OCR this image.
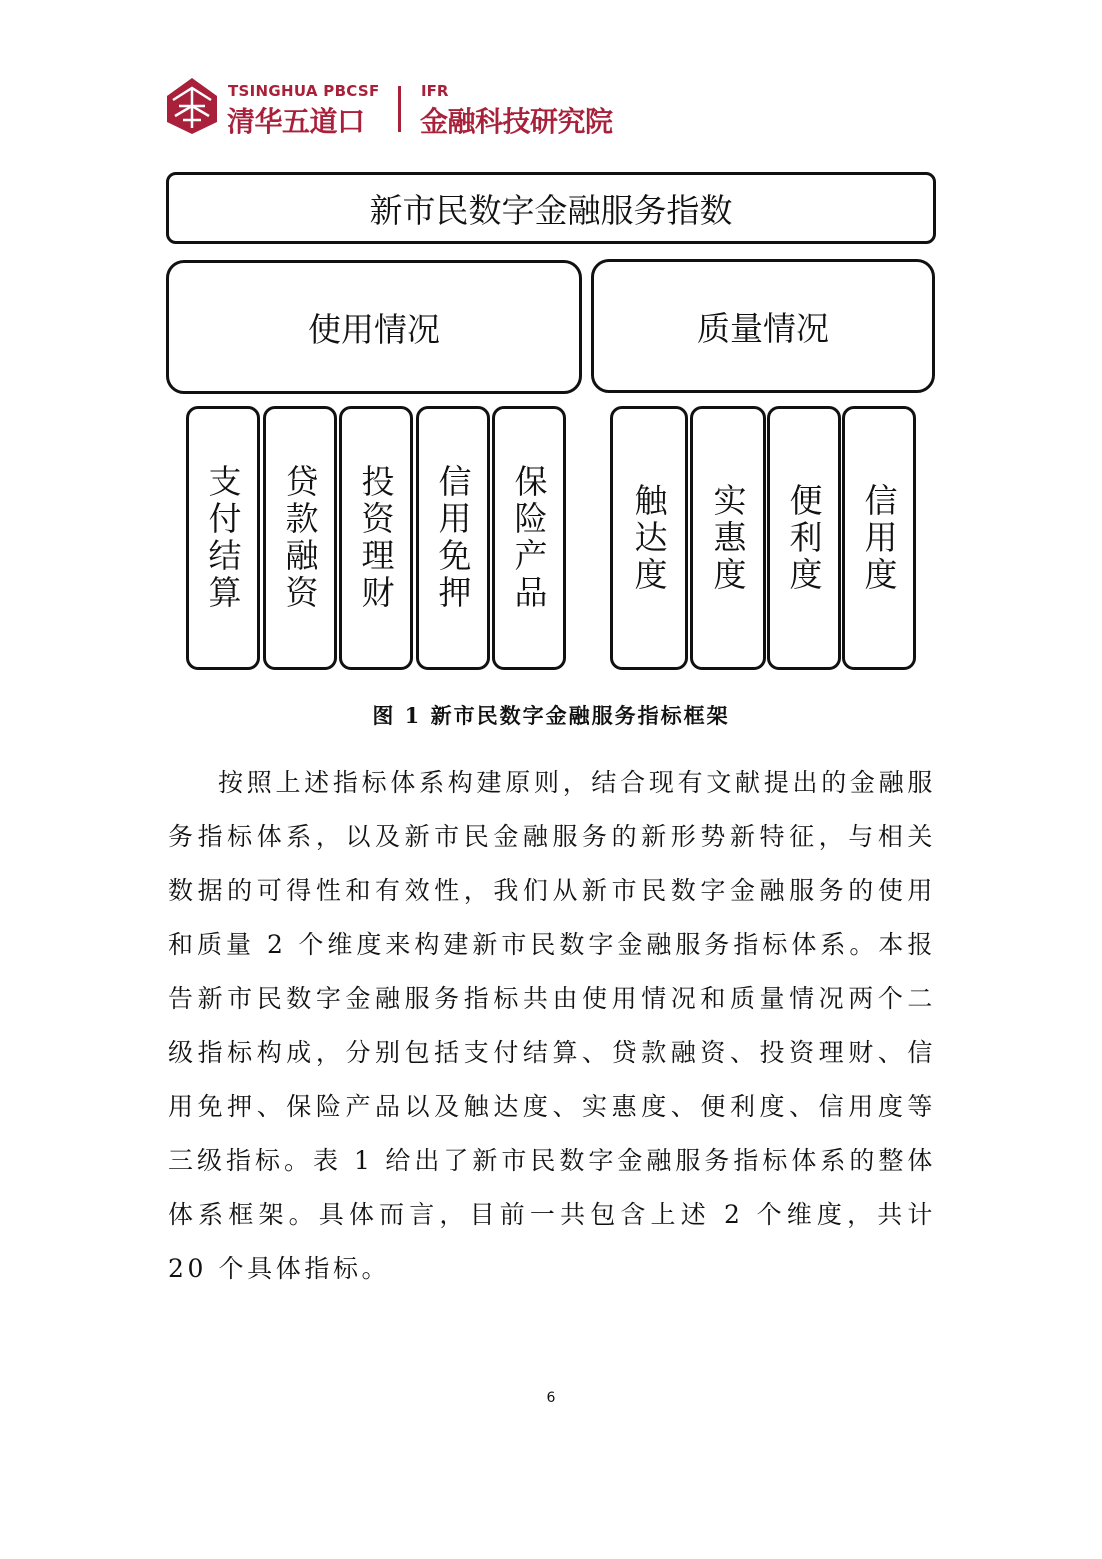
TSINGHUA PBCSF
清华五道口
IFR
金融科技研究院
新市民数字金融服务指数
使用情况	质量情况
支付结算 贷款融资 投资理财 信用免押 保险产品 触达度 实惠度 便利度 信用度
图 1 新市民数字金融服务指标框架

按照上述指标体系构建原则，结合现有文献提出的金融服务指标体系，以及新市民金融服务的新形势新特征，与相关数据的可得性和有效性，我们从新市民数字金融服务的使用和质量 2 个维度来构建新市民数字金融服务指标体系。本报告新市民数字金融服务指标共由使用情况和质量情况两个二级指标构成，分别包括支付结算、贷款融资、投资理财、信用免押、保险产品以及触达度、实惠度、便利度、信用度等三级指标。表 1 给出了新市民数字金融服务指标体系的整体体系框架。具体而言，目前一共包含上述 2 个维度，共计 20 个具体指标。

6
